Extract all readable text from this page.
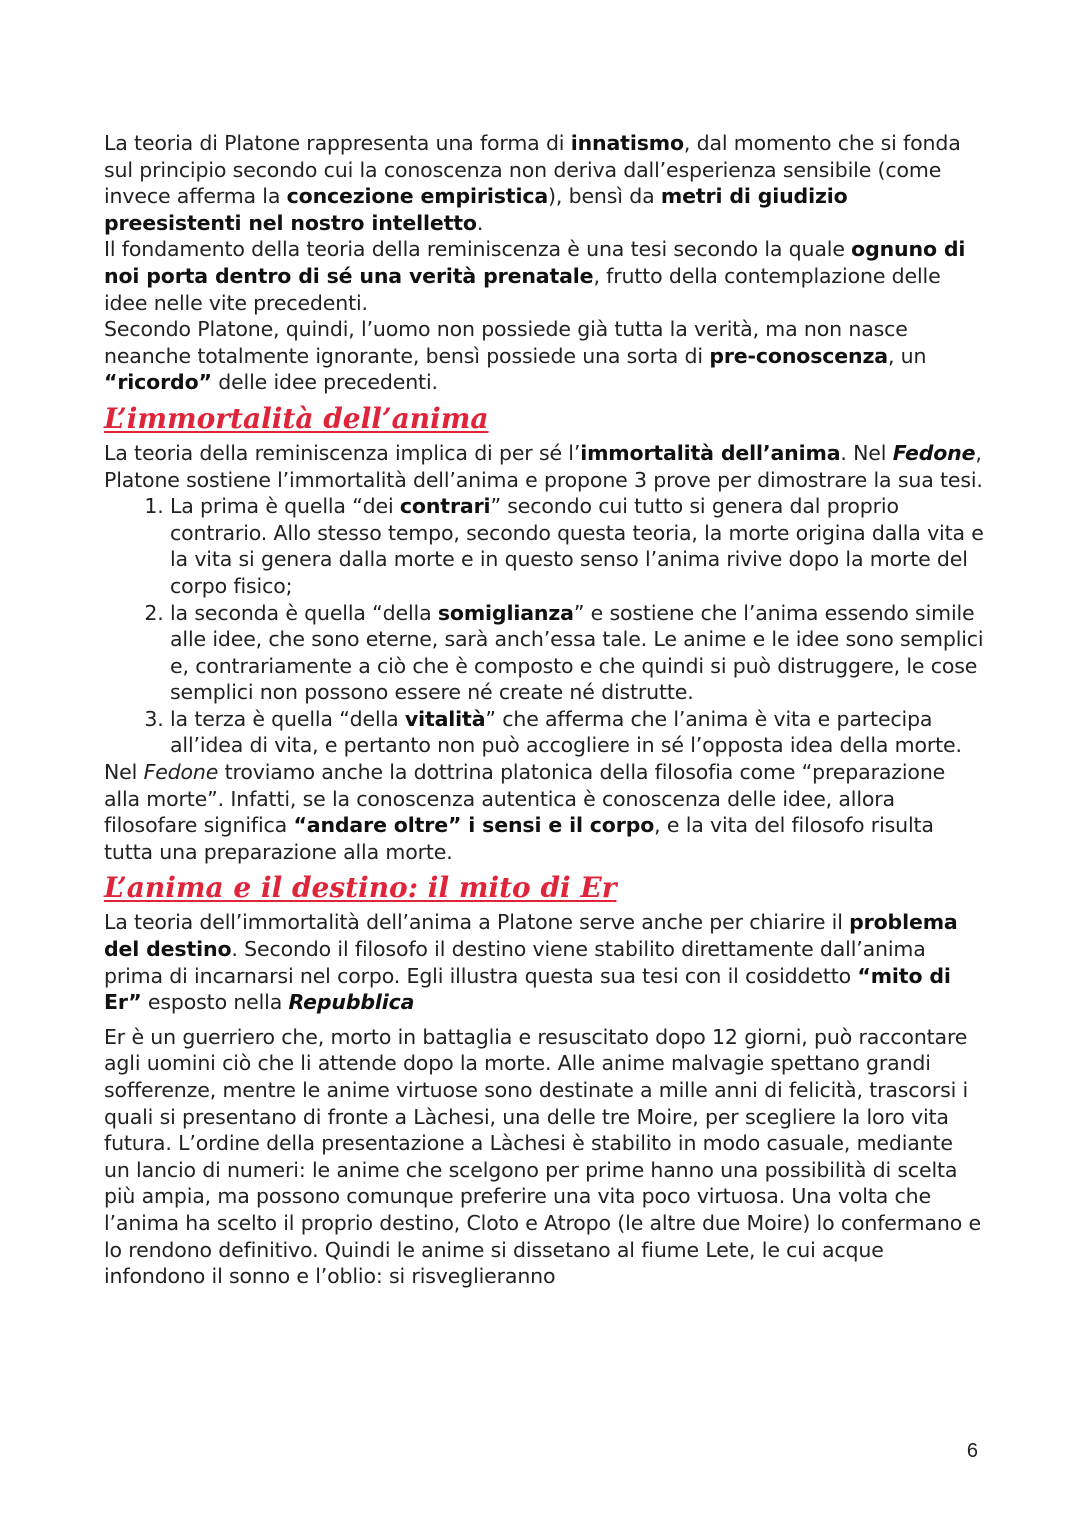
La teoria di Platone rappresenta una forma di innatismo, dal momento che si fonda sul principio secondo cui la conoscenza non deriva dall’esperienza sensibile (come invece afferma la concezione empiristica), bensì da metri di giudizio preesistenti nel nostro intelletto.

Il fondamento della teoria della reminiscenza è una tesi secondo la quale ognuno di noi porta dentro di sé una verità prenatale, frutto della contemplazione delle idee nelle vite precedenti.

Secondo Platone, quindi, l’uomo non possiede già tutta la verità, ma non nasce neanche totalmente ignorante, bensì possiede una sorta di pre-conoscenza, un “ricordo” delle idee precedenti.

L’immortalità dell’anima

La teoria della reminiscenza implica di per sé l’immortalità dell’anima. Nel Fedone, Platone sostiene l’immortalità dell’anima e propone 3 prove per dimostrare la sua tesi.

1. La prima è quella “dei contrari” secondo cui tutto si genera dal proprio contrario. Allo stesso tempo, secondo questa teoria, la morte origina dalla vita e la vita si genera dalla morte e in questo senso l’anima rivive dopo la morte del corpo fisico;
2. la seconda è quella “della somiglianza” e sostiene che l’anima essendo simile alle idee, che sono eterne, sarà anch’essa tale. Le anime e le idee sono semplici e, contrariamente a ciò che è composto e che quindi si può distruggere, le cose semplici non possono essere né create né distrutte.
3. la terza è quella “della vitalità” che afferma che l’anima è vita e partecipa all’idea di vita, e pertanto non può accogliere in sé l’opposta idea della morte.

Nel Fedone troviamo anche la dottrina platonica della filosofia come “preparazione alla morte”. Infatti, se la conoscenza autentica è conoscenza delle idee, allora filosofare significa “andare oltre” i sensi e il corpo, e la vita del filosofo risulta tutta una preparazione alla morte.

L’anima e il destino: il mito di Er

La teoria dell’immortalità dell’anima a Platone serve anche per chiarire il problema del destino. Secondo il filosofo il destino viene stabilito direttamente dall’anima prima di incarnarsi nel corpo. Egli illustra questa sua tesi con il cosiddetto “mito di Er” esposto nella Repubblica

Er è un guerriero che, morto in battaglia e resuscitato dopo 12 giorni, può raccontare agli uomini ciò che li attende dopo la morte. Alle anime malvagie spettano grandi sofferenze, mentre le anime virtuose sono destinate a mille anni di felicità, trascorsi i quali si presentano di fronte a Làchesi, una delle tre Moire, per scegliere la loro vita futura. L’ordine della presentazione a Làchesi è stabilito in modo casuale, mediante un lancio di numeri: le anime che scelgono per prime hanno una possibilità di scelta più ampia, ma possono comunque preferire una vita poco virtuosa. Una volta che l’anima ha scelto il proprio destino, Cloto e Atropo (le altre due Moire) lo confermano e lo rendono definitivo. Quindi le anime si dissetano al fiume Lete, le cui acque infondono il sonno e l’oblio: si risveglieranno

6
